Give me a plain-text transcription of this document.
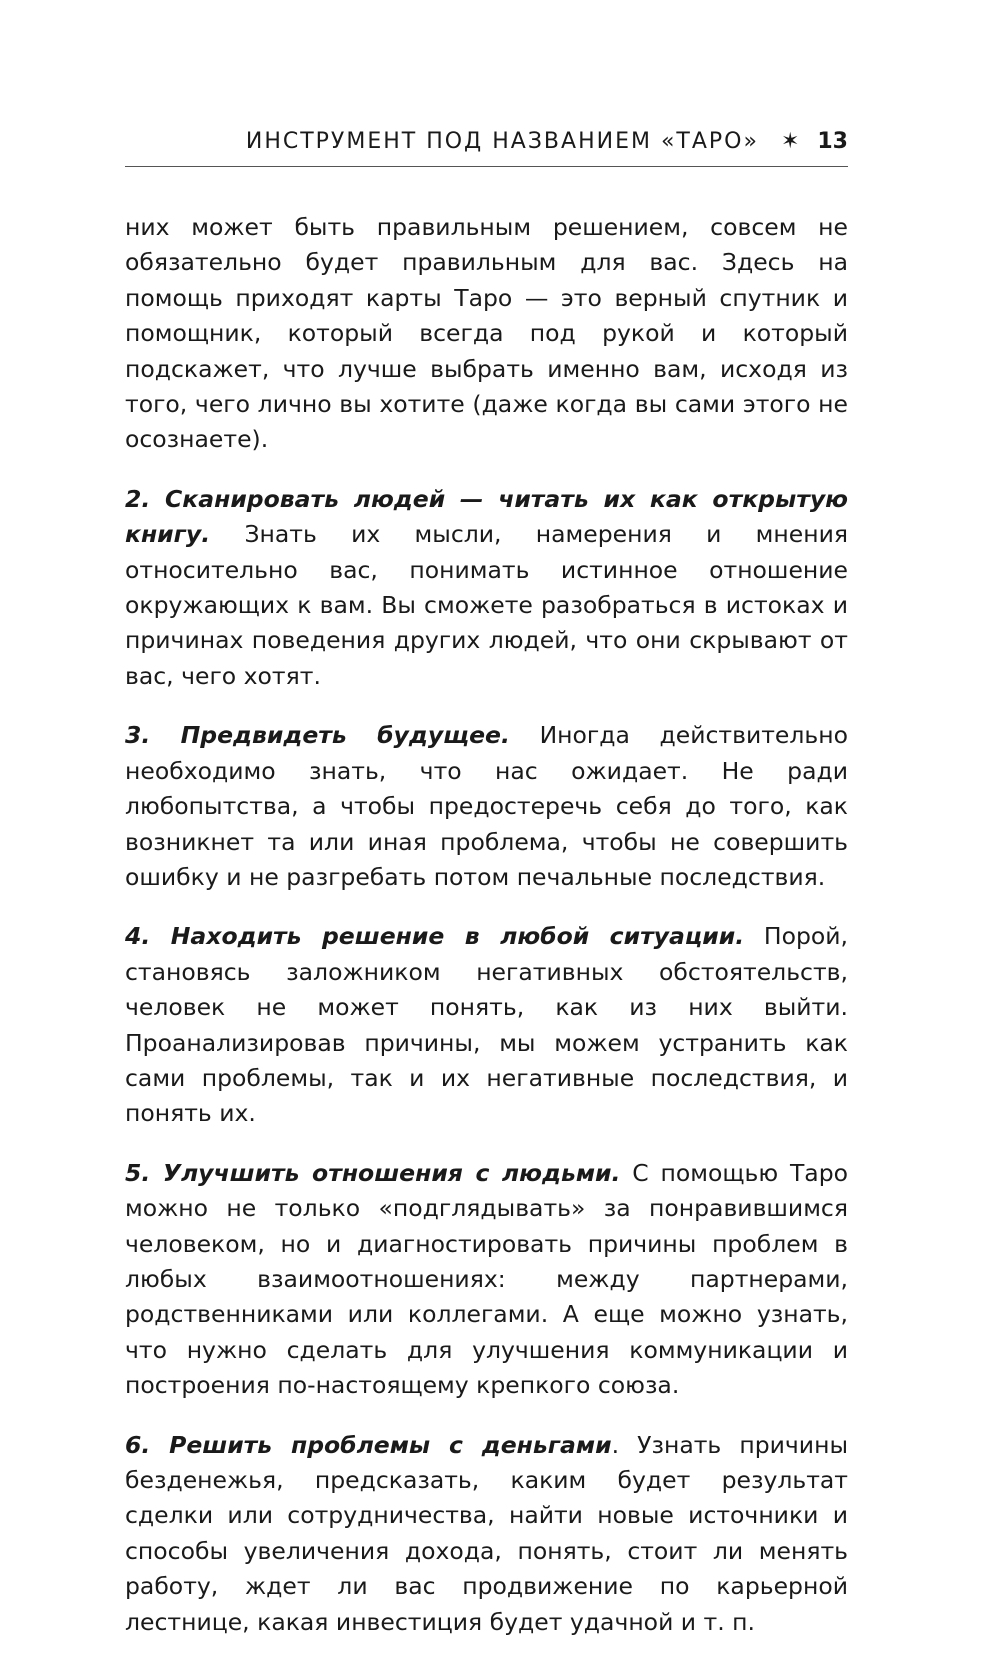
ИНСТРУМЕНТ ПОД НАЗВАНИЕМ «ТАРО» ✶ 13

них может быть правильным решением, совсем не обязательно будет правильным для вас. Здесь на помощь приходят карты Таро — это верный спутник и помощник, который всегда под рукой и который подскажет, что лучше выбрать именно вам, исходя из того, чего лично вы хотите (даже когда вы сами этого не осознаете).

2. Сканировать людей — читать их как открытую книгу. Знать их мысли, намерения и мнения относительно вас, понимать истинное отношение окружающих к вам. Вы сможете разобраться в истоках и причинах поведения других людей, что они скрывают от вас, чего хотят.

3. Предвидеть будущее. Иногда действительно необходимо знать, что нас ожидает. Не ради любопытства, а чтобы предостеречь себя до того, как возникнет та или иная проблема, чтобы не совершить ошибку и не разгребать потом печальные последствия.

4. Находить решение в любой ситуации. Порой, становясь заложником негативных обстоятельств, человек не может понять, как из них выйти. Проанализировав причины, мы можем устранить как сами проблемы, так и их негативные последствия, и понять их.

5. Улучшить отношения с людьми. С помощью Таро можно не только «подглядывать» за понравившимся человеком, но и диагностировать причины проблем в любых взаимоотношениях: между партнерами, родственниками или коллегами. А еще можно узнать, что нужно сделать для улучшения коммуникации и построения по-настоящему крепкого союза.

6. Решить проблемы с деньгами. Узнать причины безденежья, предсказать, каким будет результат сделки или сотрудничества, найти новые источники и способы увеличения дохода, понять, стоит ли менять работу, ждет ли вас продвижение по карьерной лестнице, какая инвестиция будет удачной и т. п.
